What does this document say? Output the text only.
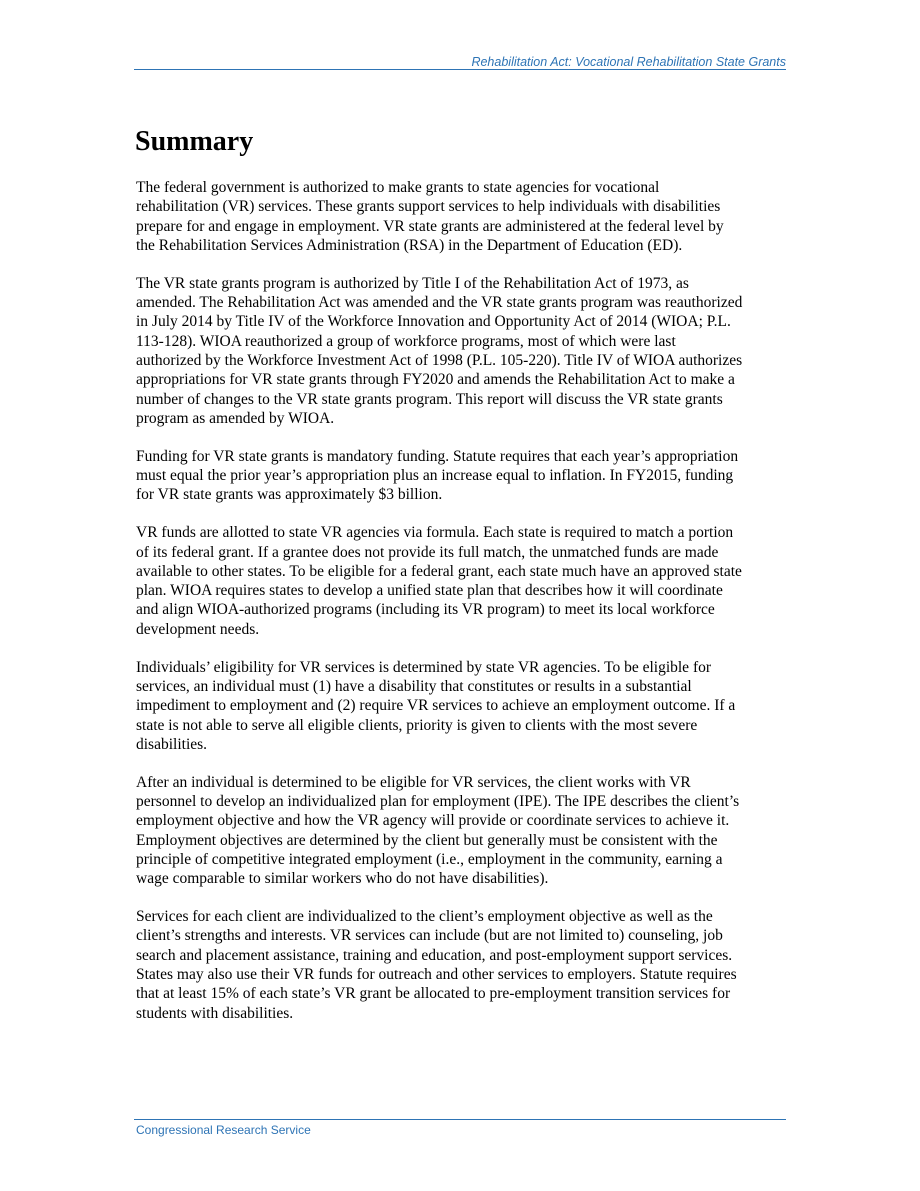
Rehabilitation Act: Vocational Rehabilitation State Grants
Summary

The federal government is authorized to make grants to state agencies for vocational
rehabilitation (VR) services. These grants support services to help individuals with disabilities
prepare for and engage in employment. VR state grants are administered at the federal level by
the Rehabilitation Services Administration (RSA) in the Department of Education (ED).

The VR state grants program is authorized by Title I of the Rehabilitation Act of 1973, as
amended. The Rehabilitation Act was amended and the VR state grants program was reauthorized
in July 2014 by Title IV of the Workforce Innovation and Opportunity Act of 2014 (WIOA; P.L.
113-128). WIOA reauthorized a group of workforce programs, most of which were last
authorized by the Workforce Investment Act of 1998 (P.L. 105-220). Title IV of WIOA authorizes
appropriations for VR state grants through FY2020 and amends the Rehabilitation Act to make a
number of changes to the VR state grants program. This report will discuss the VR state grants
program as amended by WIOA.

Funding for VR state grants is mandatory funding. Statute requires that each year’s appropriation
must equal the prior year’s appropriation plus an increase equal to inflation. In FY2015, funding
for VR state grants was approximately $3 billion.

VR funds are allotted to state VR agencies via formula. Each state is required to match a portion
of its federal grant. If a grantee does not provide its full match, the unmatched funds are made
available to other states. To be eligible for a federal grant, each state much have an approved state
plan. WIOA requires states to develop a unified state plan that describes how it will coordinate
and align WIOA-authorized programs (including its VR program) to meet its local workforce
development needs.

Individuals’ eligibility for VR services is determined by state VR agencies. To be eligible for
services, an individual must (1) have a disability that constitutes or results in a substantial
impediment to employment and (2) require VR services to achieve an employment outcome. If a
state is not able to serve all eligible clients, priority is given to clients with the most severe
disabilities.

After an individual is determined to be eligible for VR services, the client works with VR
personnel to develop an individualized plan for employment (IPE). The IPE describes the client’s
employment objective and how the VR agency will provide or coordinate services to achieve it.
Employment objectives are determined by the client but generally must be consistent with the
principle of competitive integrated employment (i.e., employment in the community, earning a
wage comparable to similar workers who do not have disabilities).

Services for each client are individualized to the client’s employment objective as well as the
client’s strengths and interests. VR services can include (but are not limited to) counseling, job
search and placement assistance, training and education, and post-employment support services.
States may also use their VR funds for outreach and other services to employers. Statute requires
that at least 15% of each state’s VR grant be allocated to pre-employment transition services for
students with disabilities.

Congressional Research Service
